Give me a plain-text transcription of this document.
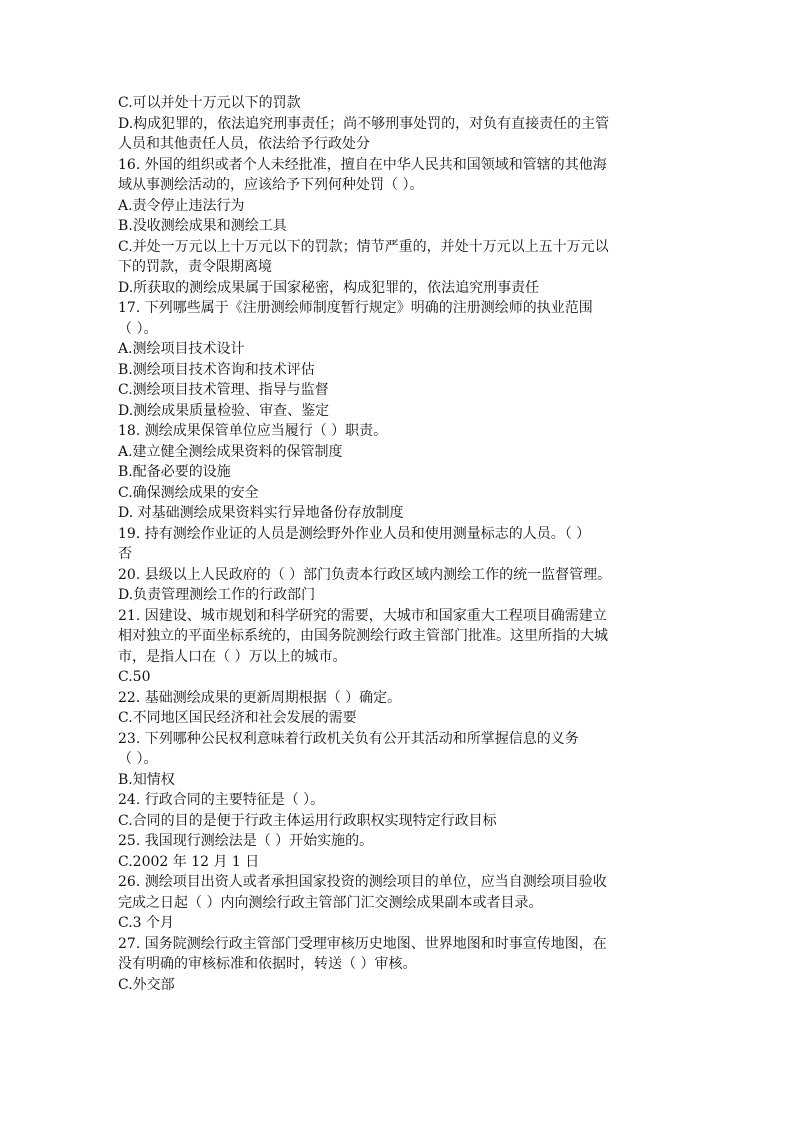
C.可以并处十万元以下的罚款
D.构成犯罪的，依法追究刑事责任；尚不够刑事处罚的，对负有直接责任的主管
人员和其他责任人员，依法给予行政处分
16. 外国的组织或者个人未经批准，擅自在中华人民共和国领域和管辖的其他海
域从事测绘活动的，应该给予下列何种处罚（ ）。
A.责令停止违法行为
B.没收测绘成果和测绘工具
C.并处一万元以上十万元以下的罚款；情节严重的，并处十万元以上五十万元以
下的罚款，责令限期离境
D.所获取的测绘成果属于国家秘密，构成犯罪的，依法追究刑事责任
17. 下列哪些属于《注册测绘师制度暂行规定》明确的注册测绘师的执业范围
（ ）。
A.测绘项目技术设计
B.测绘项目技术咨询和技术评估
C.测绘项目技术管理、指导与监督
D.测绘成果质量检验、审查、鉴定
18. 测绘成果保管单位应当履行（ ）职责。
A.建立健全测绘成果资料的保管制度
B.配备必要的设施
C.确保测绘成果的安全
D. 对基础测绘成果资料实行异地备份存放制度
19. 持有测绘作业证的人员是测绘野外作业人员和使用测量标志的人员。（ ）
否
20. 县级以上人民政府的（ ）部门负责本行政区域内测绘工作的统一监督管理。
D.负责管理测绘工作的行政部门
21. 因建设、城市规划和科学研究的需要，大城市和国家重大工程项目确需建立
相对独立的平面坐标系统的，由国务院测绘行政主管部门批准。这里所指的大城
市，是指人口在（ ）万以上的城市。
C.50
22. 基础测绘成果的更新周期根据（ ）确定。
C.不同地区国民经济和社会发展的需要
23. 下列哪种公民权利意味着行政机关负有公开其活动和所掌握信息的义务
（ ）。
B.知情权
24. 行政合同的主要特征是（ ）。
C.合同的目的是便于行政主体运用行政职权实现特定行政目标
25. 我国现行测绘法是（ ）开始实施的。
C.2002 年 12 月 1 日
26. 测绘项目出资人或者承担国家投资的测绘项目的单位，应当自测绘项目验收
完成之日起（ ）内向测绘行政主管部门汇交测绘成果副本或者目录。
C.3 个月
27. 国务院测绘行政主管部门受理审核历史地图、世界地图和时事宣传地图，在
没有明确的审核标准和依据时，转送（ ）审核。
C.外交部
